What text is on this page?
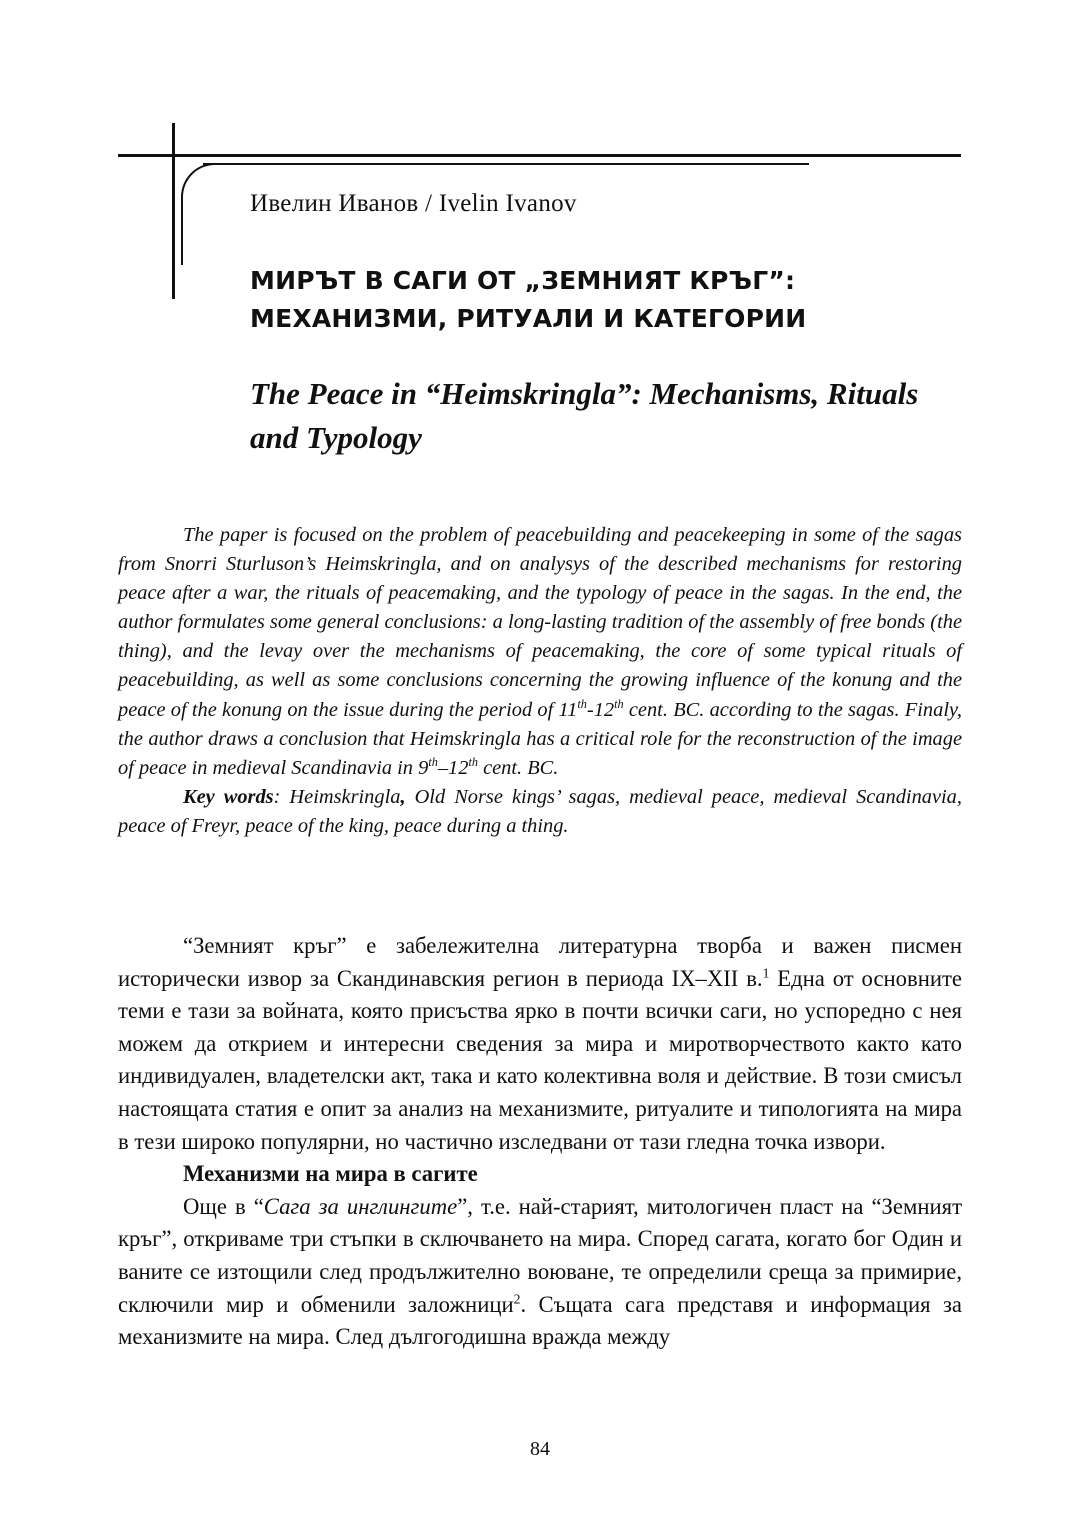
Ивелин Иванов / Ivelin Ivanov
МИРЪТ В САГИ ОТ „ЗЕМНИЯТ КРЪГ”:
МЕХАНИЗМИ, РИТУАЛИ И КАТЕГОРИИ
The Peace in “Heimskringla”: Mechanisms, Rituals
and Typology

The paper is focused on the problem of peacebuilding and peacekeeping in some of the sagas from Snorri Sturluson’s Heimskringla, and on analysys of the described mechanisms for restoring peace after a war, the rituals of peacemaking, and the typology of peace in the sagas. In the end, the author formulates some general conclusions: a long-lasting tradition of the assembly of free bonds (the thing), and the levay over the mechanisms of peacemaking, the core of some typical rituals of peacebuilding, as well as some conclusions concerning the growing influence of the konung and the peace of the konung on the issue during the period of 11th-12th cent. BC. according to the sagas. Finaly, the author draws a conclusion that Heimskringla has a critical role for the reconstruction of the image of peace in medieval Scandinavia in 9th–12th cent. BC.

Key words: Heimskringla, Old Norse kings’ sagas, medieval peace, medieval Scandinavia, peace of Freyr, peace of the king, peace during a thing.

“Земният кръг” е забележителна литературна творба и важен писмен исторически извор за Скандинавския регион в периода IX–XII в.$^1$ Една от основните теми е тази за войната, която присъства ярко в почти всички саги, но успоредно с нея можем да открием и интересни сведения за мира и миротворчеството както като индивидуален, владетелски акт, така и като колективна воля и действие. В този смисъл настоящата статия е опит за анализ на механизмите, ритуалите и типологията на мира в тези широко популярни, но частично изследвани от тази гледна точка извори.

Механизми на мира в сагите

Още в “Сага за инглингите”, т.е. най-старият, митологичен пласт на “Земният кръг”, откриваме три стъпки в сключването на мира. Според сагата, когато бог Один и ваните се изтощили след продължително воюване, те определили среща за примирие, сключили мир и обменили заложници$^2$. Същата сага представя и информация за механизмите на мира. След дългогодишна вражда между

84
